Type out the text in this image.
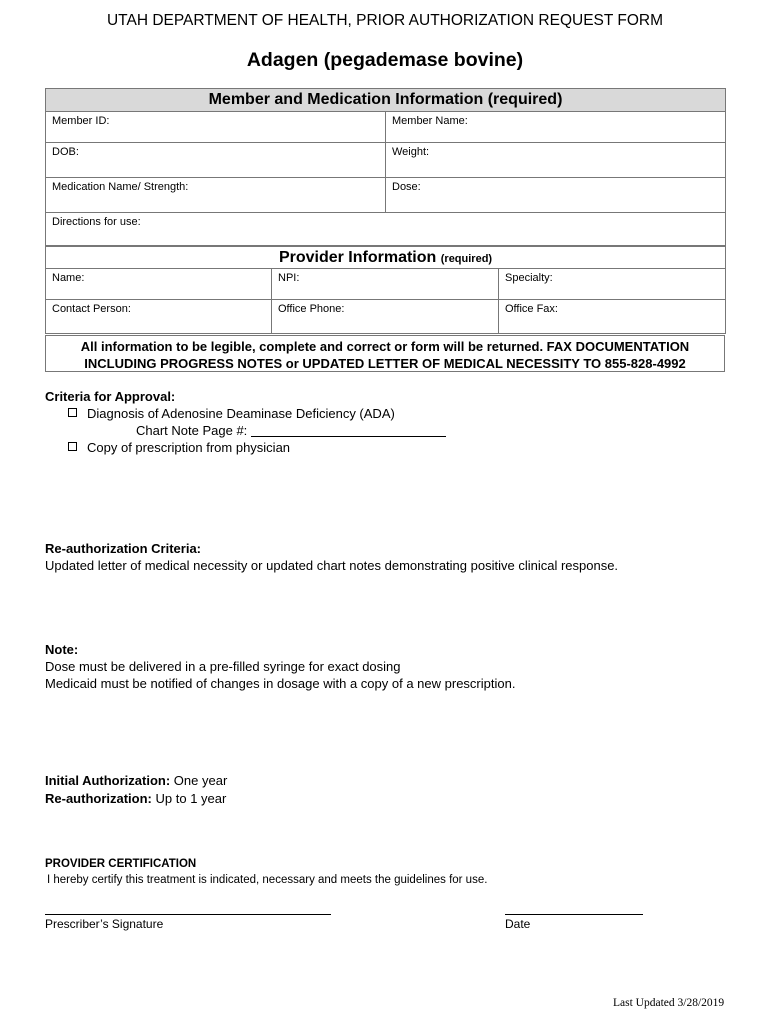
UTAH DEPARTMENT OF HEALTH, PRIOR AUTHORIZATION REQUEST FORM
Adagen (pegademase bovine)
Member and Medication Information (required)	
Member ID:	Member Name:
DOB:	Weight:
Medication Name/ Strength:	Dose:
Directions for use:	
Provider Information (required)		
Name:	NPI:	Specialty:
Contact Person:	Office Phone:	Office Fax:
All information to be legible, complete and correct or form will be returned. FAX DOCUMENTATION
INCLUDING PROGRESS NOTES or UPDATED LETTER OF MEDICAL NECESSITY TO 855-828-4992
Criteria for Approval:
Diagnosis of Adenosine Deaminase Deficiency (ADA)
Chart Note Page #:
Copy of prescription from physician
Re-authorization Criteria:
Updated letter of medical necessity or updated chart notes demonstrating positive clinical response.
Note:
Dose must be delivered in a pre-filled syringe for exact dosing
Medicaid must be notified of changes in dosage with a copy of a new prescription.
Initial Authorization: One year
Re-authorization: Up to 1 year
PROVIDER CERTIFICATION
I hereby certify this treatment is indicated, necessary and meets the guidelines for use.
Prescriber’s Signature	Date
Last Updated 3/28/2019
